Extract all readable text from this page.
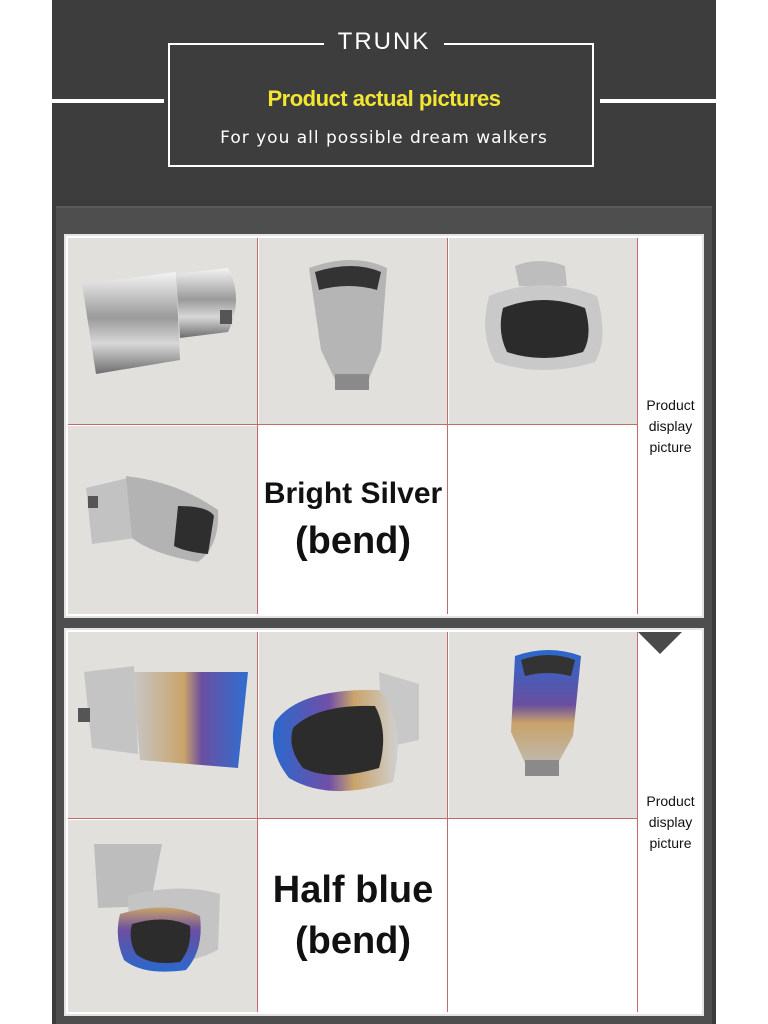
TRUNK
Product actual pictures
For you all possible dream walkers
Product
display
picture
Bright Silver
(bend)
Product
display
picture
Half blue
(bend)
